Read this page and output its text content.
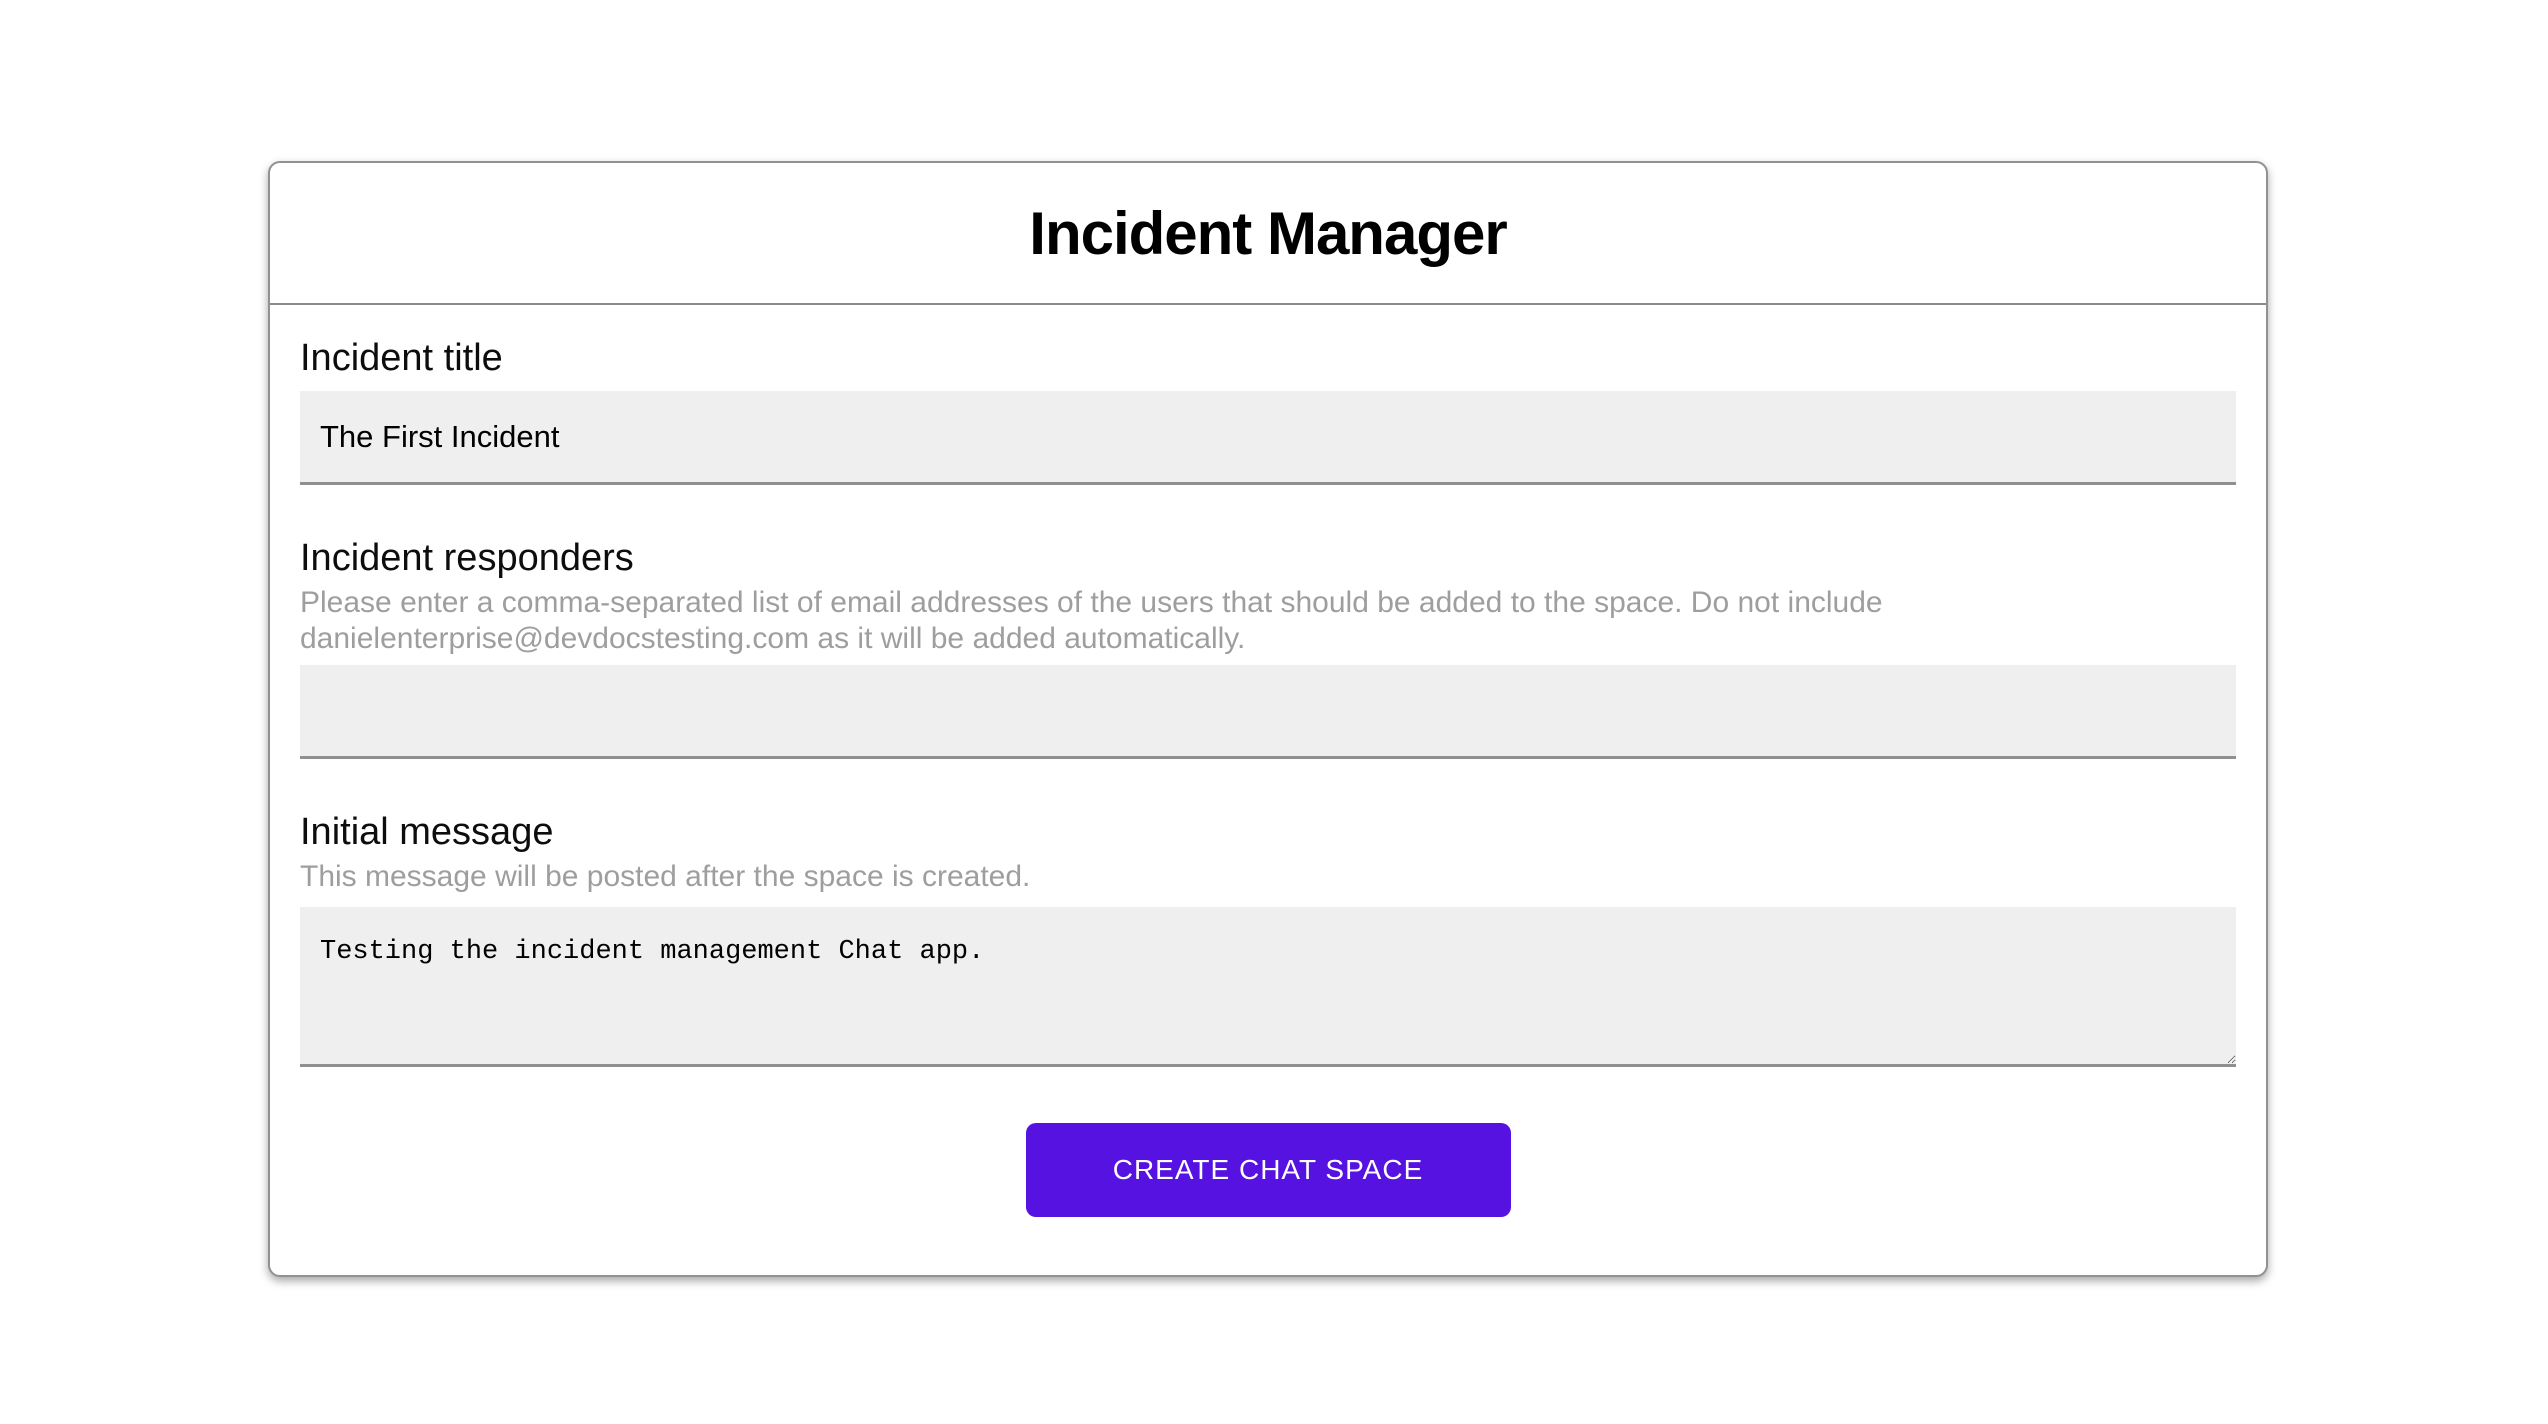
Incident Manager
Incident title
The First Incident
Incident responders
Please enter a comma-separated list of email addresses of the users that should be added to the space. Do not include danielenterprise@devdocstesting.com as it will be added automatically.
Initial message
This message will be posted after the space is created.
Testing the incident management Chat app.
CREATE CHAT SPACE
